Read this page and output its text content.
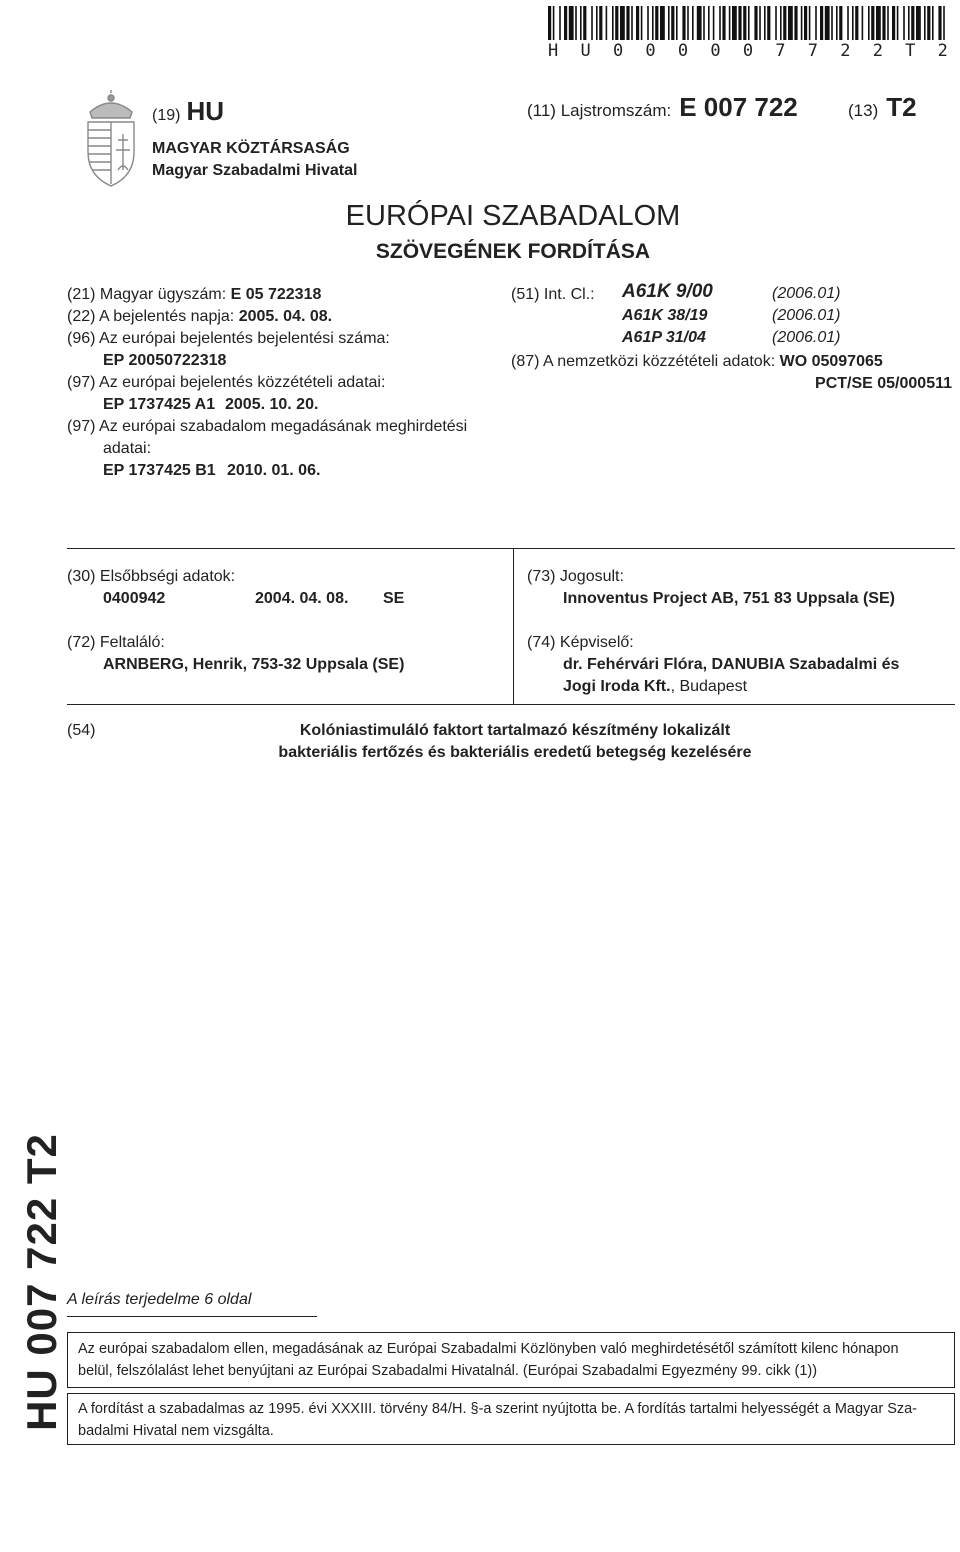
H U 0 0 0 0 0 7 7 2 2 T 2
(19) HU
MAGYAR KÖZTÁRSASÁG
Magyar Szabadalmi Hivatal
(11) Lajstromszám: E 007 722	(13) T2
EURÓPAI SZABADALOM
SZÖVEGÉNEK FORDÍTÁSA
(21) Magyar ügyszám: E 05 722318
(22) A bejelentés napja: 2005. 04. 08.
(96) Az európai bejelentés bejelentési száma:
EP 20050722318
(97) Az európai bejelentés közzétételi adatai:
EP 1737425 A1 2005. 10. 20.
(97) Az európai szabadalom megadásának meghirdetési
adatai:
EP 1737425 B1 2010. 01. 06.
(51) Int. Cl.: A61K 9/00	(2006.01)
A61K 38/19	(2006.01)
A61P 31/04	(2006.01)
(87) A nemzetközi közzétételi adatok: WO 05097065
PCT/SE 05/000511
(30) Elsőbbségi adatok:
0400942	2004. 04. 08. SE
(72) Feltaláló:
ARNBERG, Henrik, 753-32 Uppsala (SE)
(73) Jogosult:
Innoventus Project AB, 751 83 Uppsala (SE)
(74) Képviselő:
dr. Fehérvári Flóra, DANUBIA Szabadalmi és
Jogi Iroda Kft., Budapest
(54)	Kolóniastimuláló faktort tartalmazó készítmény lokalizált
bakteriális fertőzés és bakteriális eredetű betegség kezelésére
HU 007 722 T2 A leírás terjedelme 6 oldal
Az európai szabadalom ellen, megadásának az Európai Szabadalmi Közlönyben való meghirdetésétől számított kilenc hónapon
belül, felszólalást lehet benyújtani az Európai Szabadalmi Hivatalnál. (Európai Szabadalmi Egyezmény 99. cikk (1))
A fordítást a szabadalmas az 1995. évi XXXIII. törvény 84/H. §-a szerint nyújtotta be. A fordítás tartalmi helyességét a Magyar Sza-
badalmi Hivatal nem vizsgálta.
